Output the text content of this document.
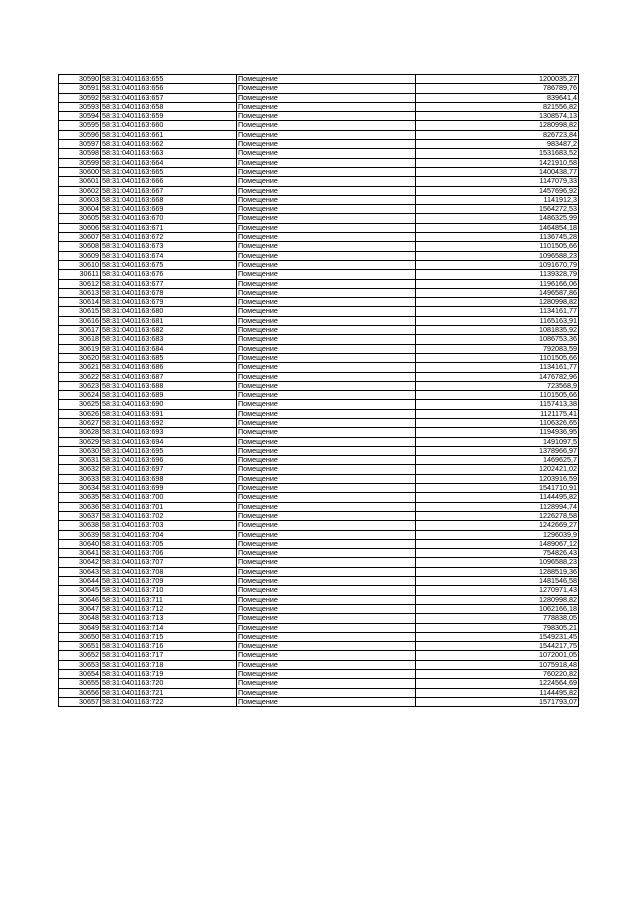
30590	58:31:0401163:655	Помещение	1200035,27
30591	58:31:0401163:656	Помещение	786789,76
30592	58:31:0401163:657	Помещение	839641,4
30593	58:31:0401163:658	Помещение	821556,82
30594	58:31:0401163:659	Помещение	1308574,13
30595	58:31:0401163:660	Помещение	1280998,82
30596	58:31:0401163:661	Помещение	826723,84
30597	58:31:0401163:662	Помещение	983487,2
30598	58:31:0401163:663	Помещение	1531683,52
30599	58:31:0401163:664	Помещение	1421910,58
30600	58:31:0401163:665	Помещение	1400438,77
30601	58:31:0401163:666	Помещение	1147079,33
30602	58:31:0401163:667	Помещение	1457696,92
30603	58:31:0401163:668	Помещение	1141912,3
30604	58:31:0401163:669	Помещение	1564272,53
30605	58:31:0401163:670	Помещение	1486325,99
30606	58:31:0401163:671	Помещение	1464854,18
30607	58:31:0401163:672	Помещение	1136745,28
30608	58:31:0401163:673	Помещение	1101505,66
30609	58:31:0401163:674	Помещение	1096588,23
30610	58:31:0401163:675	Помещение	1091670,79
30611	58:31:0401163:676	Помещение	1139328,79
30612	58:31:0401163:677	Помещение	1196166,06
30613	58:31:0401163:678	Помещение	1496587,86
30614	58:31:0401163:679	Помещение	1280998,82
30615	58:31:0401163:680	Помещение	1134161,77
30616	58:31:0401163:681	Помещение	1165163,91
30617	58:31:0401163:682	Помещение	1081835,92
30618	58:31:0401163:683	Помещение	1086753,36
30619	58:31:0401163:684	Помещение	792083,59
30620	58:31:0401163:685	Помещение	1101505,66
30621	58:31:0401163:686	Помещение	1134161,77
30622	58:31:0401163:687	Помещение	1476782,96
30623	58:31:0401163:688	Помещение	723568,9
30624	58:31:0401163:689	Помещение	1101505,66
30625	58:31:0401163:690	Помещение	1157413,38
30626	58:31:0401163:691	Помещение	1121175,41
30627	58:31:0401163:692	Помещение	1106326,65
30628	58:31:0401163:693	Помещение	1194936,95
30629	58:31:0401163:694	Помещение	1491097,5
30630	58:31:0401163:695	Помещение	1378966,97
30631	58:31:0401163:696	Помещение	1469625,7
30632	58:31:0401163:697	Помещение	1202421,02
30633	58:31:0401163:698	Помещение	1203916,59
30634	58:31:0401163:699	Помещение	1541710,91
30635	58:31:0401163:700	Помещение	1144495,82
30636	58:31:0401163:701	Помещение	1128994,74
30637	58:31:0401163:702	Помещение	1226278,58
30638	58:31:0401163:703	Помещение	1242669,27
30639	58:31:0401163:704	Помещение	1296039,9
30640	58:31:0401163:705	Помещение	1489067,12
30641	58:31:0401163:706	Помещение	754826,43
30642	58:31:0401163:707	Помещение	1096588,23
30643	58:31:0401163:708	Помещение	1288519,36
30644	58:31:0401163:709	Помещение	1481546,58
30645	58:31:0401163:710	Помещение	1270971,43
30646	58:31:0401163:711	Помещение	1280998,82
30647	58:31:0401163:712	Помещение	1062166,18
30648	58:31:0401163:713	Помещение	778838,05
30649	58:31:0401163:714	Помещение	798305,21
30650	58:31:0401163:715	Помещение	1549231,45
30651	58:31:0401163:716	Помещение	1544217,75
30652	58:31:0401163:717	Помещение	1072001,05
30653	58:31:0401163:718	Помещение	1075918,48
30654	58:31:0401163:719	Помещение	760220,82
30655	58:31:0401163:720	Помещение	1224564,69
30656	58:31:0401163:721	Помещение	1144495,82
30657	58:31:0401163:722	Помещение	1571793,07
